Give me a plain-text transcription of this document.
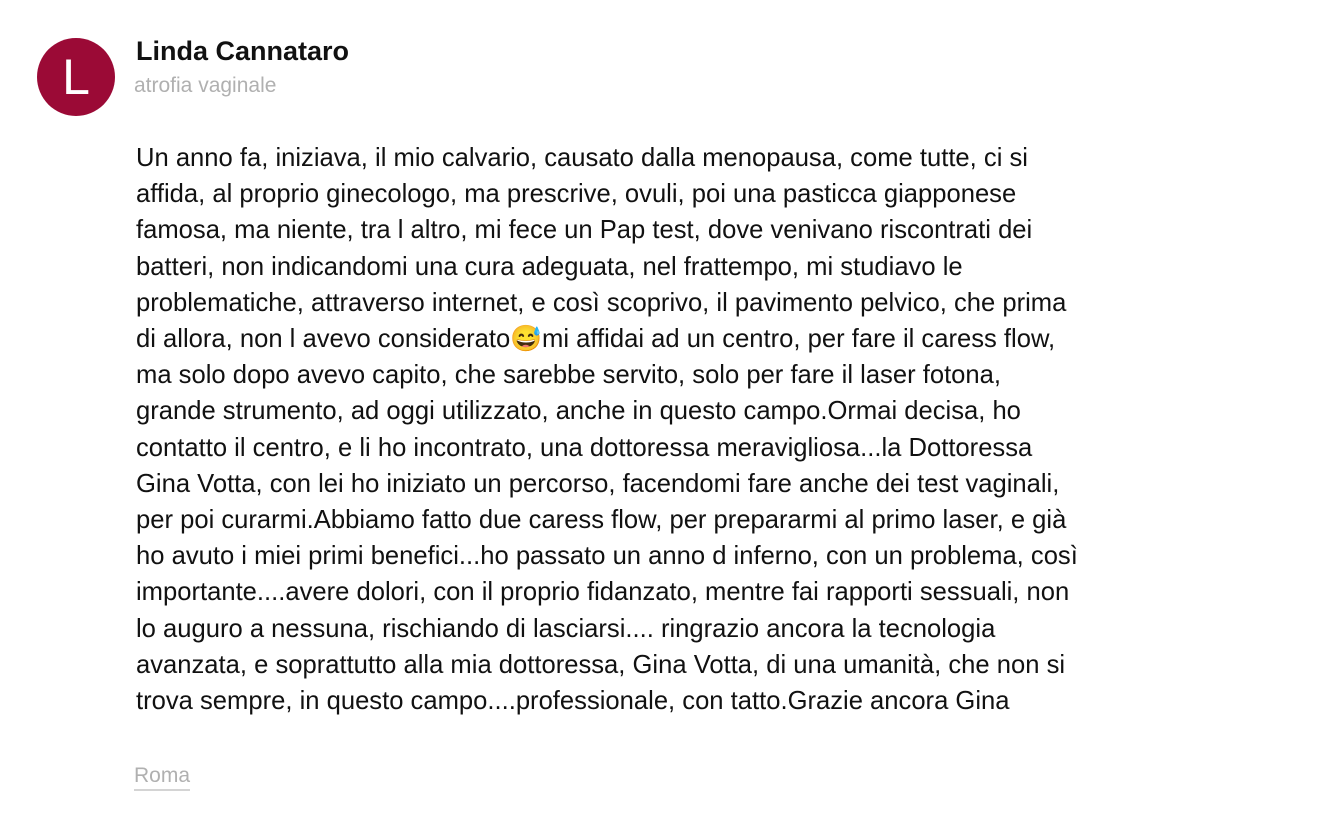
L Linda Cannataro
atrofia vaginale
Un anno fa, iniziava, il mio calvario, causato dalla menopausa, come tutte, ci si
affida, al proprio ginecologo, ma prescrive, ovuli, poi una pasticca giapponese
famosa, ma niente, tra l altro, mi fece un Pap test, dove venivano riscontrati dei
batteri, non indicandomi una cura adeguata, nel frattempo, mi studiavo le
problematiche, attraverso internet, e così scoprivo, il pavimento pelvico, che prima
di allora, non l avevo considerato😅mi affidai ad un centro, per fare il caress flow,
ma solo dopo avevo capito, che sarebbe servito, solo per fare il laser fotona,
grande strumento, ad oggi utilizzato, anche in questo campo.Ormai decisa, ho
contatto il centro, e li ho incontrato, una dottoressa meravigliosa...la Dottoressa
Gina Votta, con lei ho iniziato un percorso, facendomi fare anche dei test vaginali,
per poi curarmi.Abbiamo fatto due caress flow, per prepararmi al primo laser, e già
ho avuto i miei primi benefici...ho passato un anno d inferno, con un problema, così
importante....avere dolori, con il proprio fidanzato, mentre fai rapporti sessuali, non
lo auguro a nessuna, rischiando di lasciarsi.... ringrazio ancora la tecnologia
avanzata, e soprattutto alla mia dottoressa, Gina Votta, di una umanità, che non si
trova sempre, in questo campo....professionale, con tatto.Grazie ancora Gina
Roma
